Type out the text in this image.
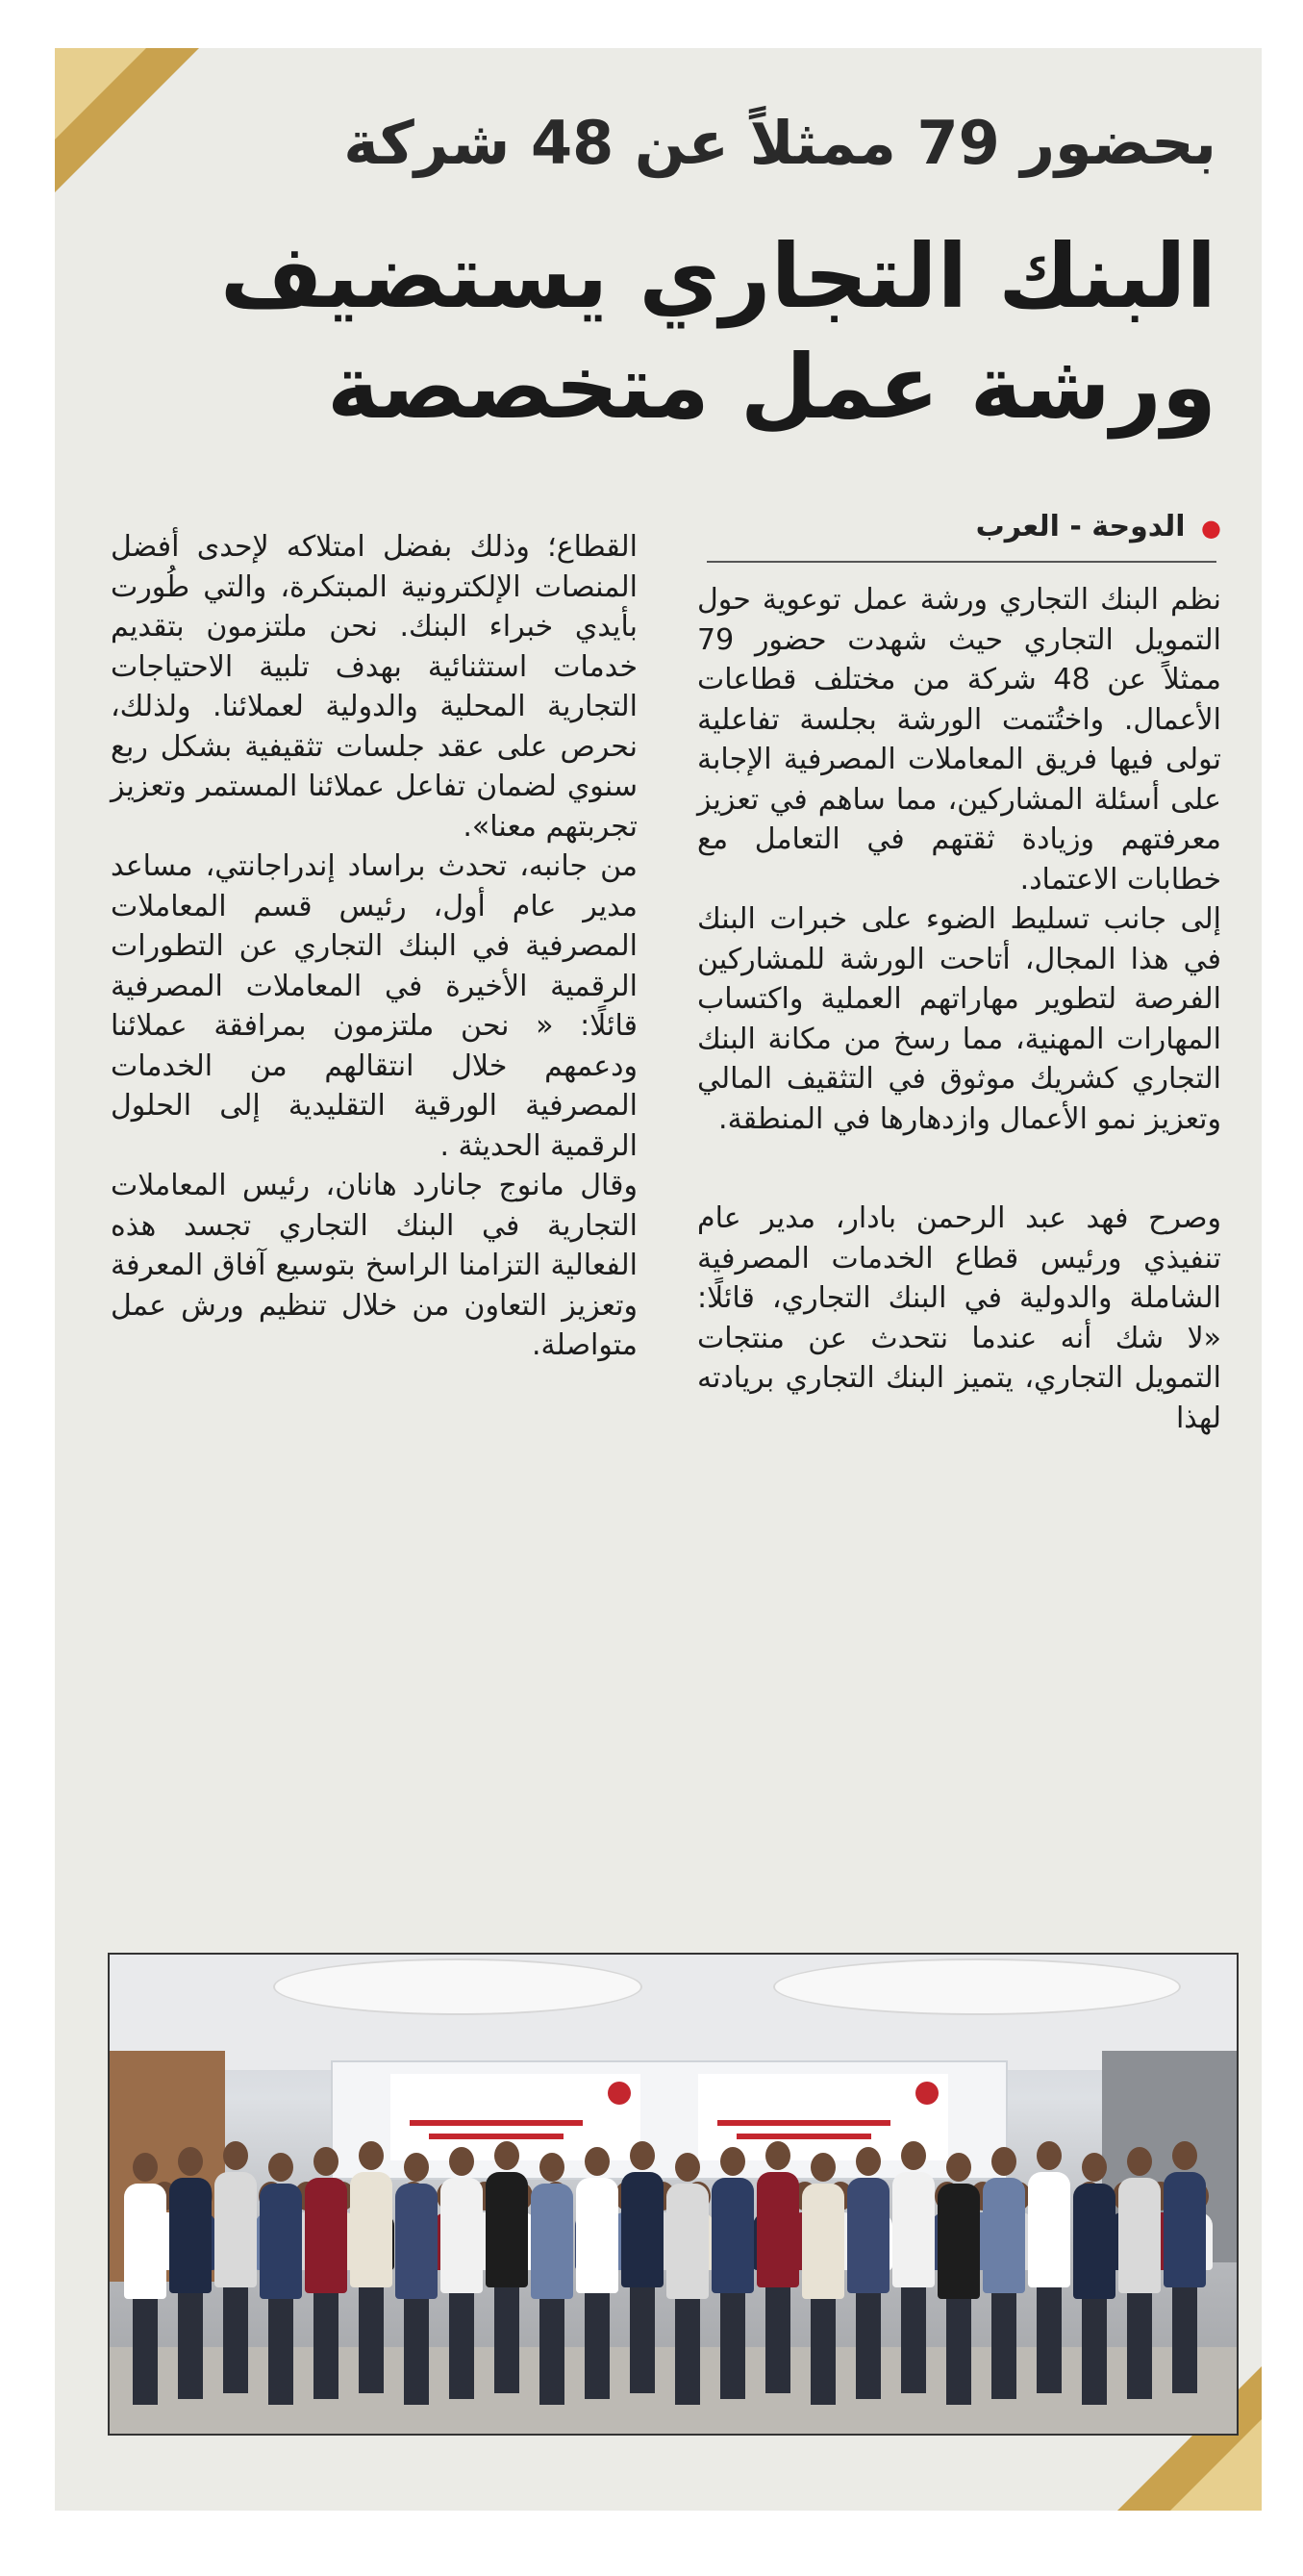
بحضور 79 ممثلاً عن 48 شركة
البنك التجاري يستضيف
ورشة عمل متخصصة
● الدوحة - العرب

نظم البنك التجاري ورشة عمل توعوية حول التمويل التجاري حيث شهدت حضور 79 ممثلاً عن 48 شركة من مختلف قطاعات الأعمال. واختُتمت الورشة بجلسة تفاعلية تولى فيها فريق المعاملات المصرفية الإجابة على أسئلة المشاركين، مما ساهم في تعزيز معرفتهم وزيادة ثقتهم في التعامل مع خطابات الاعتماد.

إلى جانب تسليط الضوء على خبرات البنك في هذا المجال، أتاحت الورشة للمشاركين الفرصة لتطوير مهاراتهم العملية واكتساب المهارات المهنية، مما رسخ من مكانة البنك التجاري كشريك موثوق في التثقيف المالي وتعزيز نمو الأعمال وازدهارها في المنطقة.

وصرح فهد عبد الرحمن بادار، مدير عام تنفيذي ورئيس قطاع الخدمات المصرفية الشاملة والدولية في البنك التجاري، قائلًا: «لا شك أنه عندما نتحدث عن منتجات التمويل التجاري، يتميز البنك التجاري بريادته لهذا

القطاع؛ وذلك بفضل امتلاكه لإحدى أفضل المنصات الإلكترونية المبتكرة، والتي طُورت بأيدي خبراء البنك. نحن ملتزمون بتقديم خدمات استثنائية بهدف تلبية الاحتياجات التجارية المحلية والدولية لعملائنا. ولذلك، نحرص على عقد جلسات تثقيفية بشكل ربع سنوي لضمان تفاعل عملائنا المستمر وتعزيز تجربتهم معنا».

من جانبه، تحدث براساد إندراجانتي، مساعد مدير عام أول، رئيس قسم المعاملات المصرفية في البنك التجاري عن التطورات الرقمية الأخيرة في المعاملات المصرفية قائلًا: « نحن ملتزمون بمرافقة عملائنا ودعمهم خلال انتقالهم من الخدمات المصرفية الورقية التقليدية إلى الحلول الرقمية الحديثة .

وقال مانوج جانارد هانان، رئيس المعاملات التجارية في البنك التجاري تجسد هذه الفعالية التزامنا الراسخ بتوسيع آفاق المعرفة وتعزيز التعاون من خلال تنظيم ورش عمل متواصلة.
